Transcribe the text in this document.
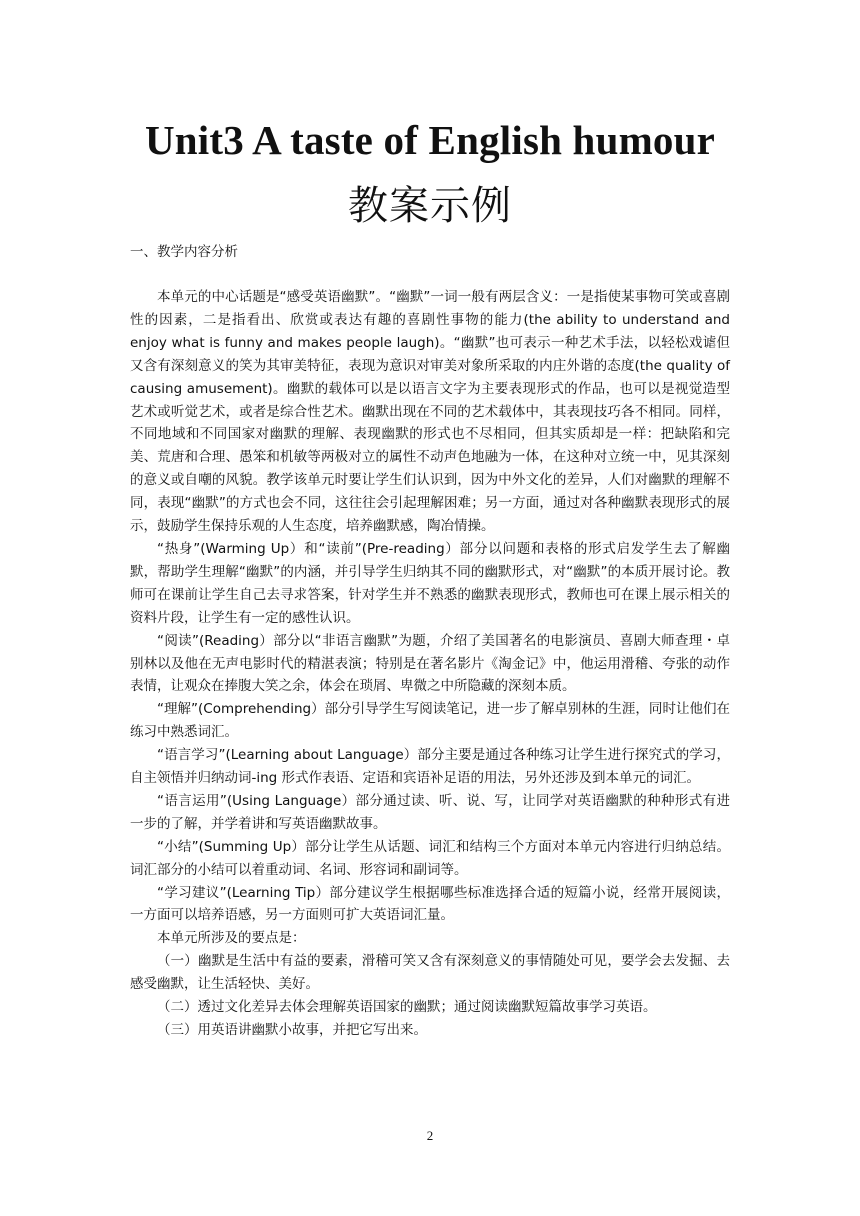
Unit3 A taste of English humour
教案示例
一、教学内容分析

本单元的中心话题是“感受英语幽默”。“幽默”一词一般有两层含义：一是指使某事物可笑或喜剧性的因素，二是指看出、欣赏或表达有趣的喜剧性事物的能力(the ability to understand and enjoy what is funny and makes people laugh)。“幽默”也可表示一种艺术手法，以轻松戏谑但又含有深刻意义的笑为其审美特征，表现为意识对审美对象所采取的内庄外谐的态度(the quality of causing amusement)。幽默的载体可以是以语言文字为主要表现形式的作品，也可以是视觉造型艺术或听觉艺术，或者是综合性艺术。幽默出现在不同的艺术载体中，其表现技巧各不相同。同样，不同地域和不同国家对幽默的理解、表现幽默的形式也不尽相同，但其实质却是一样：把缺陷和完美、荒唐和合理、愚笨和机敏等两极对立的属性不动声色地融为一体，在这种对立统一中，见其深刻的意义或自嘲的风貌。教学该单元时要让学生们认识到，因为中外文化的差异，人们对幽默的理解不同，表现“幽默”的方式也会不同，这往往会引起理解困难；另一方面，通过对各种幽默表现形式的展示，鼓励学生保持乐观的人生态度，培养幽默感，陶冶情操。

“热身”(Warming Up）和“读前”(Pre-reading）部分以问题和表格的形式启发学生去了解幽默，帮助学生理解“幽默”的内涵，并引导学生归纳其不同的幽默形式，对“幽默”的本质开展讨论。教师可在课前让学生自己去寻求答案，针对学生并不熟悉的幽默表现形式，教师也可在课上展示相关的资料片段，让学生有一定的感性认识。

“阅读”(Reading）部分以“非语言幽默”为题，介绍了美国著名的电影演员、喜剧大师查理・卓别林以及他在无声电影时代的精湛表演；特别是在著名影片《淘金记》中，他运用滑稽、夸张的动作表情，让观众在捧腹大笑之余，体会在琐屑、卑微之中所隐藏的深刻本质。

“理解”(Comprehending）部分引导学生写阅读笔记，进一步了解卓别林的生涯，同时让他们在练习中熟悉词汇。

“语言学习”(Learning about Language）部分主要是通过各种练习让学生进行探究式的学习，自主领悟并归纳动词-ing 形式作表语、定语和宾语补足语的用法，另外还涉及到本单元的词汇。

“语言运用”(Using Language）部分通过读、听、说、写，让同学对英语幽默的种种形式有进一步的了解，并学着讲和写英语幽默故事。

“小结”(Summing Up）部分让学生从话题、词汇和结构三个方面对本单元内容进行归纳总结。词汇部分的小结可以着重动词、名词、形容词和副词等。

“学习建议”(Learning Tip）部分建议学生根据哪些标准选择合适的短篇小说，经常开展阅读，一方面可以培养语感，另一方面则可扩大英语词汇量。

本单元所涉及的要点是：

（一）幽默是生活中有益的要素，滑稽可笑又含有深刻意义的事情随处可见，要学会去发掘、去感受幽默，让生活轻快、美好。

（二）透过文化差异去体会理解英语国家的幽默；通过阅读幽默短篇故事学习英语。

（三）用英语讲幽默小故事，并把它写出来。

2
